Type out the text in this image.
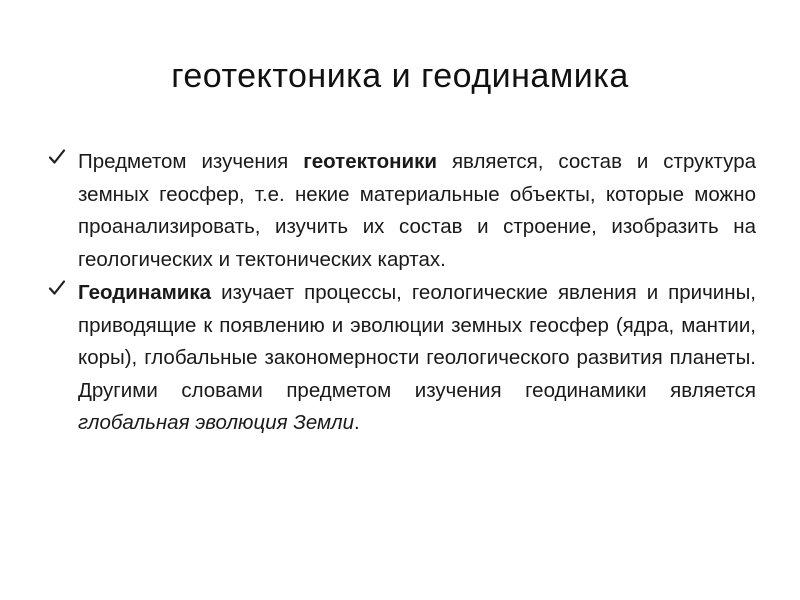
геотектоника и геодинамика
Предметом изучения геотектоники является, состав и структура земных геосфер, т.е. некие материальные объекты, которые можно проанализировать, изучить их состав и строение, изобразить на геологических и тектонических картах.
Геодинамика изучает процессы, геологические явления и причины, приводящие к появлению и эволюции земных геосфер (ядра, мантии, коры), глобальные закономерности геологического развития планеты. Другими словами предметом изучения геодинамики является глобальная эволюция Земли.
